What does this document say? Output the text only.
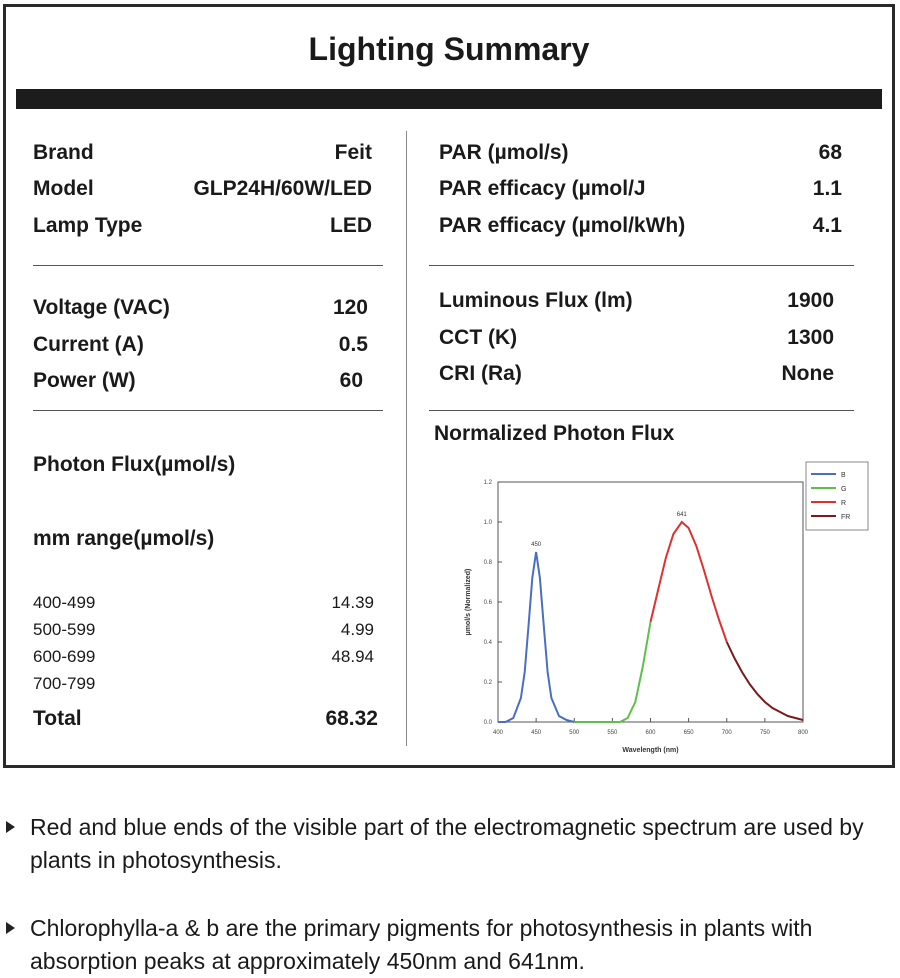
Lighting Summary
Brand	Feit
Model	GLP24H/60W/LED
Lamp Type	LED
Voltage (VAC)	120
Current (A)	0.5
Power (W)	60
Photon Flux(µmol/s)
mm range(µmol/s)
400-499	14.39
500-599	4.99
600-699	48.94
700-799
Total	68.32
PAR (µmol/s)	68
PAR efficacy (µmol/J	1.1
PAR efficacy (µmol/kWh)	4.1
Luminous Flux (lm)	1900
CCT (K)	1300
CRI (Ra)	None
Normalized Photon Flux
0.0
0.2
0.4
0.6
0.8
1.0
1.2
400	450	500	550	600	650	700	750	800
Wavelength (nm)
µmol/s (Normalized)
450
641
B
G
R
FR
Red and blue ends of the visible part of the electromagnetic spectrum are used by plants in photosynthesis.
Chlorophylla-a & b are the primary pigments for photosynthesis in plants with absorption peaks at approximately 450nm and 641nm.
